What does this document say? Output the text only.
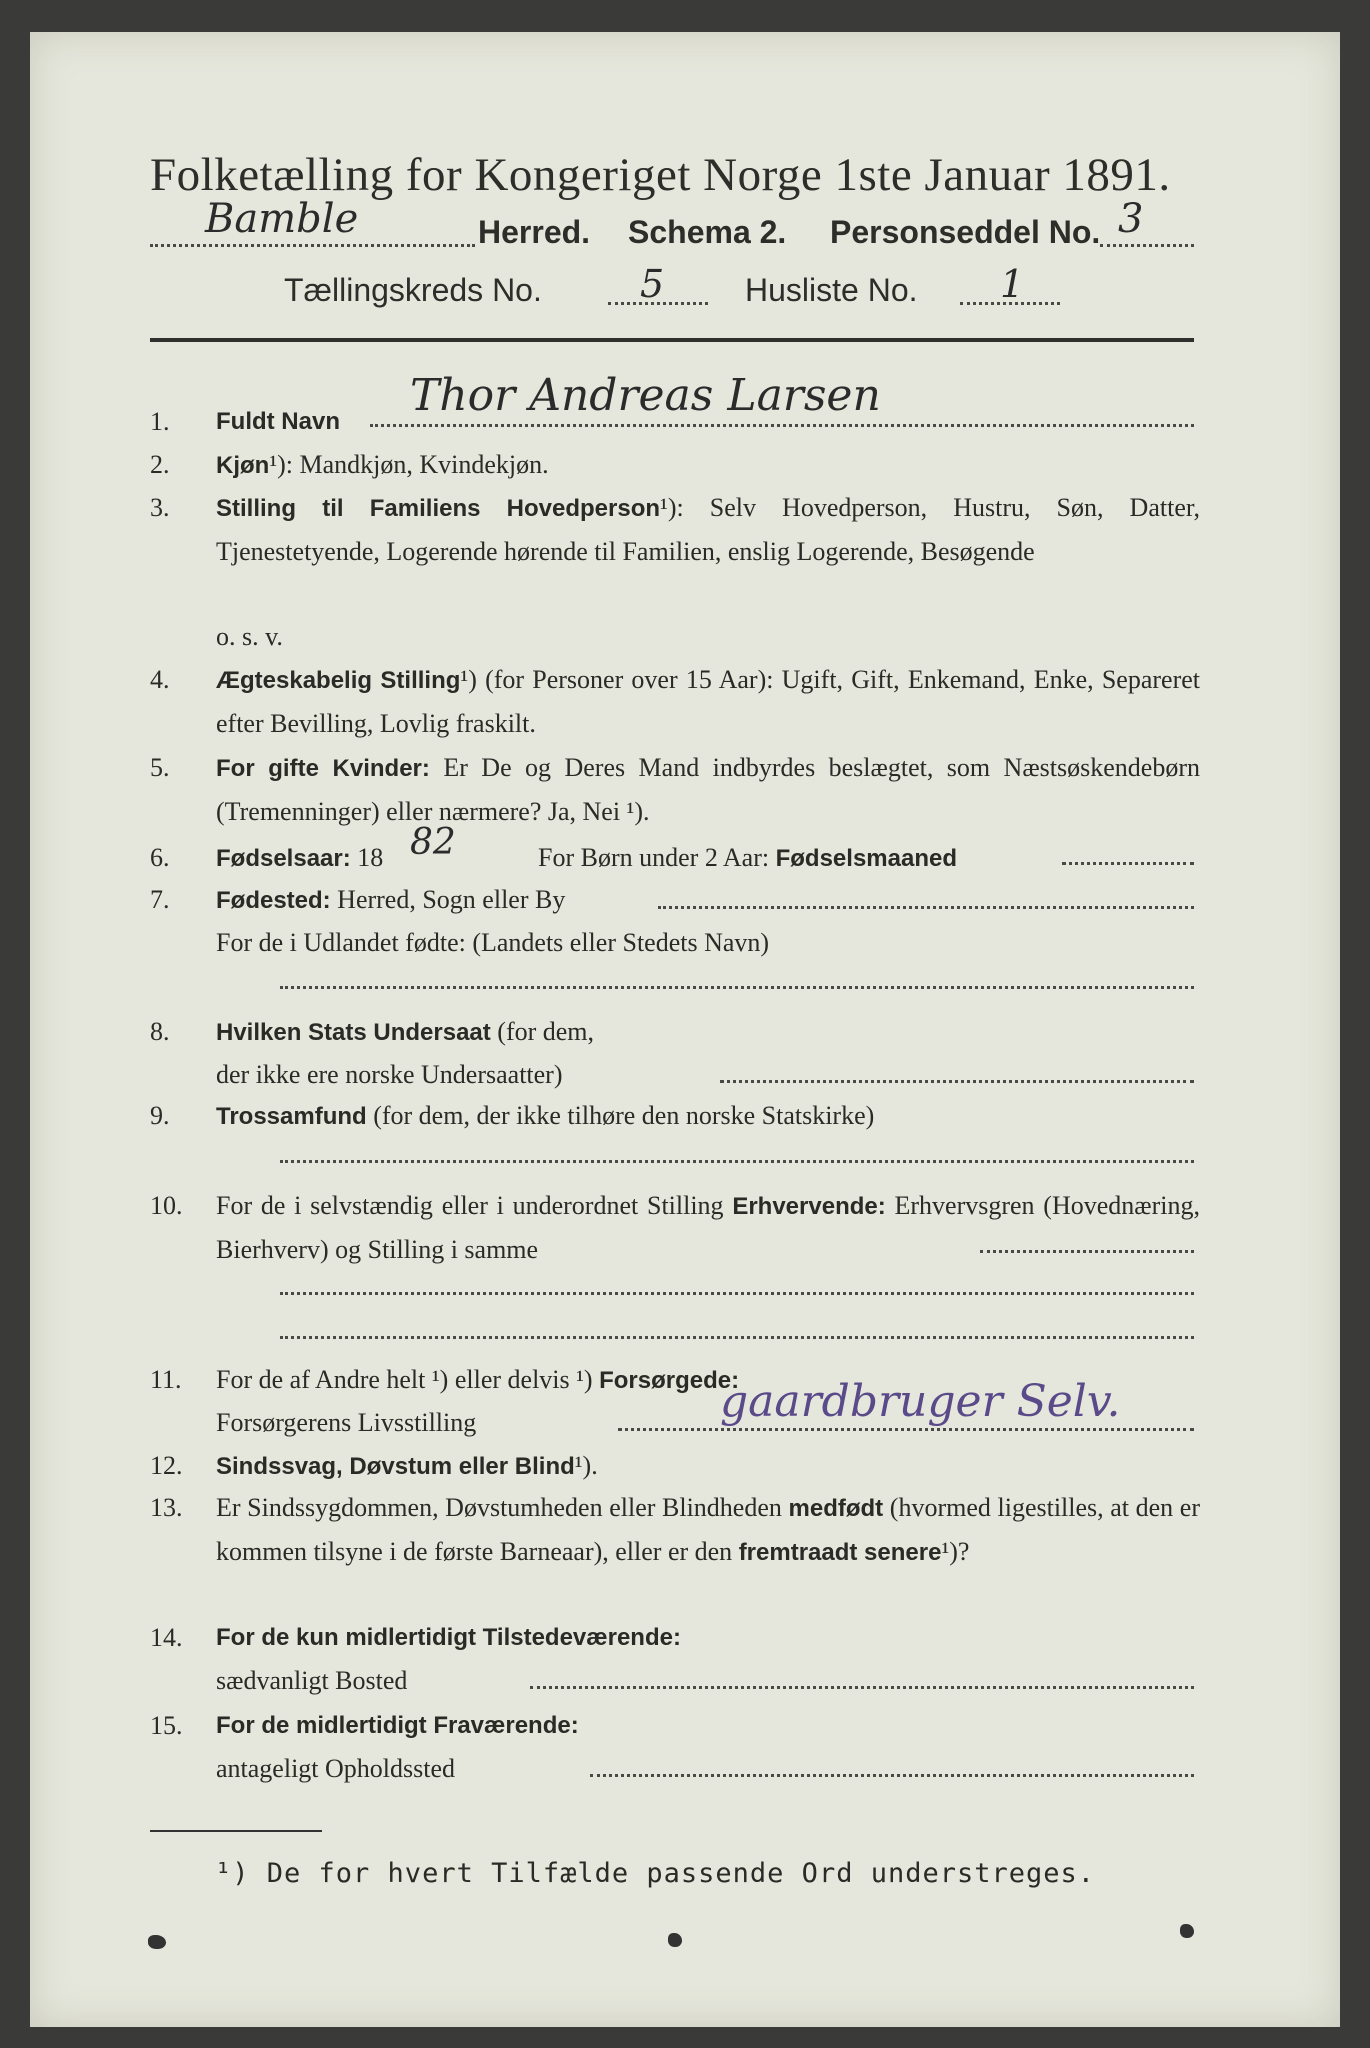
Folketælling for Kongeriget Norge 1ste Januar 1891.
Bamble	Herred. Schema 2. Personseddel No. 3
Tællingskreds No.	5	Husliste No. 1
1.	Fuldt Navn
Thor Andreas Larsen
2.	Kjøn¹): Mandkjøn, Kvindekjøn.
3.	Stilling til Familiens Hovedperson¹): Selv Hovedperson, Hustru, Søn, Datter, Tjenestetyende, Logerende hørende til Familien, enslig Logerende, Besøgende
o. s. v.
4.	Ægteskabelig Stilling¹) (for Personer over 15 Aar): Ugift, Gift, Enkemand, Enke, Separeret efter Bevilling, Lovlig fraskilt.
5.	For gifte Kvinder: Er De og Deres Mand indbyrdes beslægtet, som Næstsøskendebørn (Tremenninger) eller nærmere? Ja, Nei ¹).
6.	Fødselsaar: 18	For Børn under 2 Aar: Fødselsmaaned
82
7.	Fødested: Herred, Sogn eller By
For de i Udlandet fødte: (Landets eller Stedets Navn)
8.	Hvilken Stats Undersaat (for dem,
der ikke ere norske Undersaatter)
9.	Trossamfund (for dem, der ikke tilhøre den norske Statskirke)
10.	For de i selvstændig eller i underordnet Stilling Erhvervende: Erhvervsgren (Hovednæring, Bierhverv) og Stilling i samme
11.	For de af Andre helt ¹) eller delvis ¹) Forsørgede:
Forsørgerens Livsstilling	gaardbruger Selv.
12.	Sindssvag, Døvstum eller Blind¹).
13.	Er Sindssygdommen, Døvstumheden eller Blindheden medfødt (hvormed ligestilles, at den er kommen tilsyne i de første Barneaar), eller er den fremtraadt senere¹)?
14.	For de kun midlertidigt Tilstedeværende:
sædvanligt Bosted
15.	For de midlertidigt Fraværende:
antageligt Opholdssted
¹) De for hvert Tilfælde passende Ord understreges.
